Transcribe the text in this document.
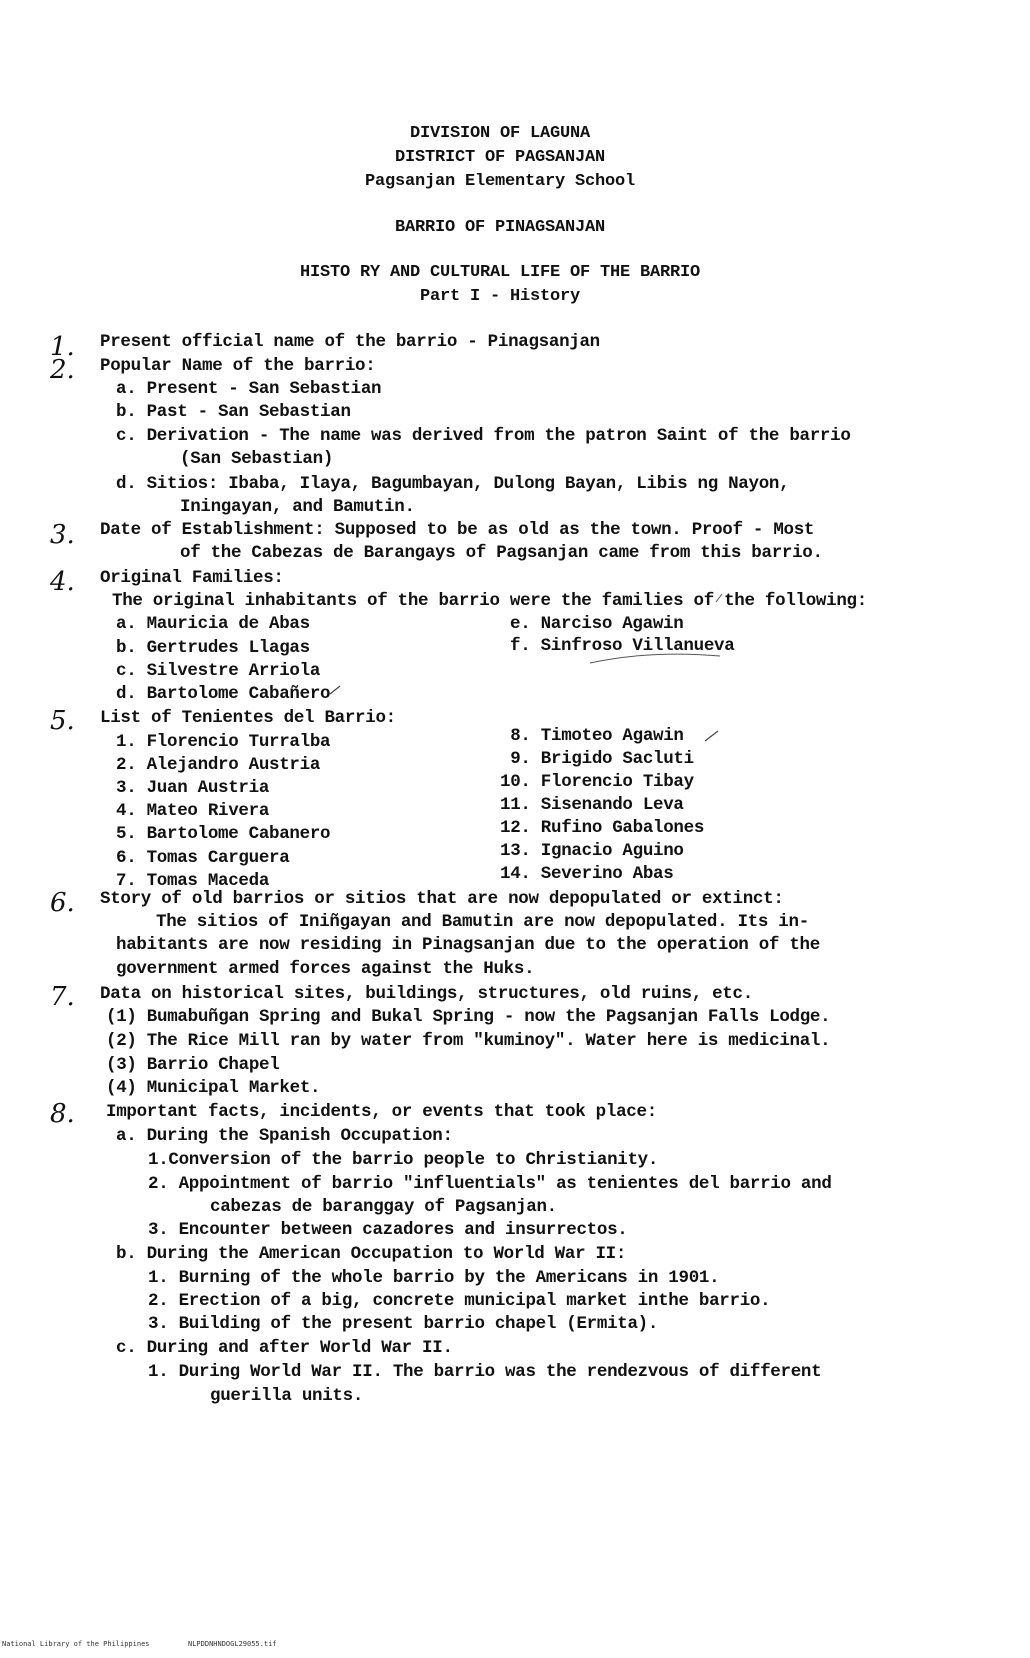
DIVISION OF LAGUNA
DISTRICT OF PAGSANJAN
Pagsanjan Elementary School
BARRIO OF PINAGSANJAN
HISTO RY AND CULTURAL LIFE OF THE BARRIO
Part I - History
1. Present official name of the barrio - Pinagsanjan
2. Popular Name of the barrio:
a. Present - San Sebastian
b. Past - San Sebastian
c. Derivation - The name was derived from the patron Saint of the barrio
(San Sebastian)
d. Sitios: Ibaba, Ilaya, Bagumbayan, Dulong Bayan, Libis ng Nayon,
Iningayan, and Bamutin.
3. Date of Establishment: Supposed to be as old as the town. Proof - Most
of the Cabezas de Barangays of Pagsanjan came from this barrio.
4. Original Families:
The original inhabitants of the barrio were the families of the following:
a. Mauricia de Abas
b. Gertrudes Llagas
c. Silvestre Arriola
d. Bartolome Cabañero
e. Narciso Agawin
f. Sinfroso Villanueva
5. List of Tenientes del Barrio:
1. Florencio Turralba
2. Alejandro Austria
3. Juan Austria
4. Mateo Rivera
5. Bartolome Cabanero
6. Tomas Carguera
7. Tomas Maceda
8. Timoteo Agawin
9. Brigido Sacluti
10. Florencio Tibay
11. Sisenando Leva
12. Rufino Gabalones
13. Ignacio Aguino
14. Severino Abas
6. Story of old barrios or sitios that are now depopulated or extinct:
The sitios of Iniñgayan and Bamutin are now depopulated. Its in-
habitants are now residing in Pinagsanjan due to the operation of the
government armed forces against the Huks.
7. Data on historical sites, buildings, structures, old ruins, etc.
(1) Bumabuñgan Spring and Bukal Spring - now the Pagsanjan Falls Lodge.
(2) The Rice Mill ran by water from "kuminoy". Water here is medicinal.
(3) Barrio Chapel
(4) Municipal Market.
8. Important facts, incidents, or events that took place:
a. During the Spanish Occupation:
1.Conversion of the barrio people to Christianity.
2. Appointment of barrio "influentials" as tenientes del barrio and
cabezas de baranggay of Pagsanjan.
3. Encounter between cazadores and insurrectos.
b. During the American Occupation to World War II:
1. Burning of the whole barrio by the Americans in 1901.
2. Erection of a big, concrete municipal market inthe barrio.
3. Building of the present barrio chapel (Ermita).
c. During and after World War II.
1. During World War II. The barrio was the rendezvous of different
guerilla units.
National Library of the Philippines	NLPDDNHNDOGL29055.tif
